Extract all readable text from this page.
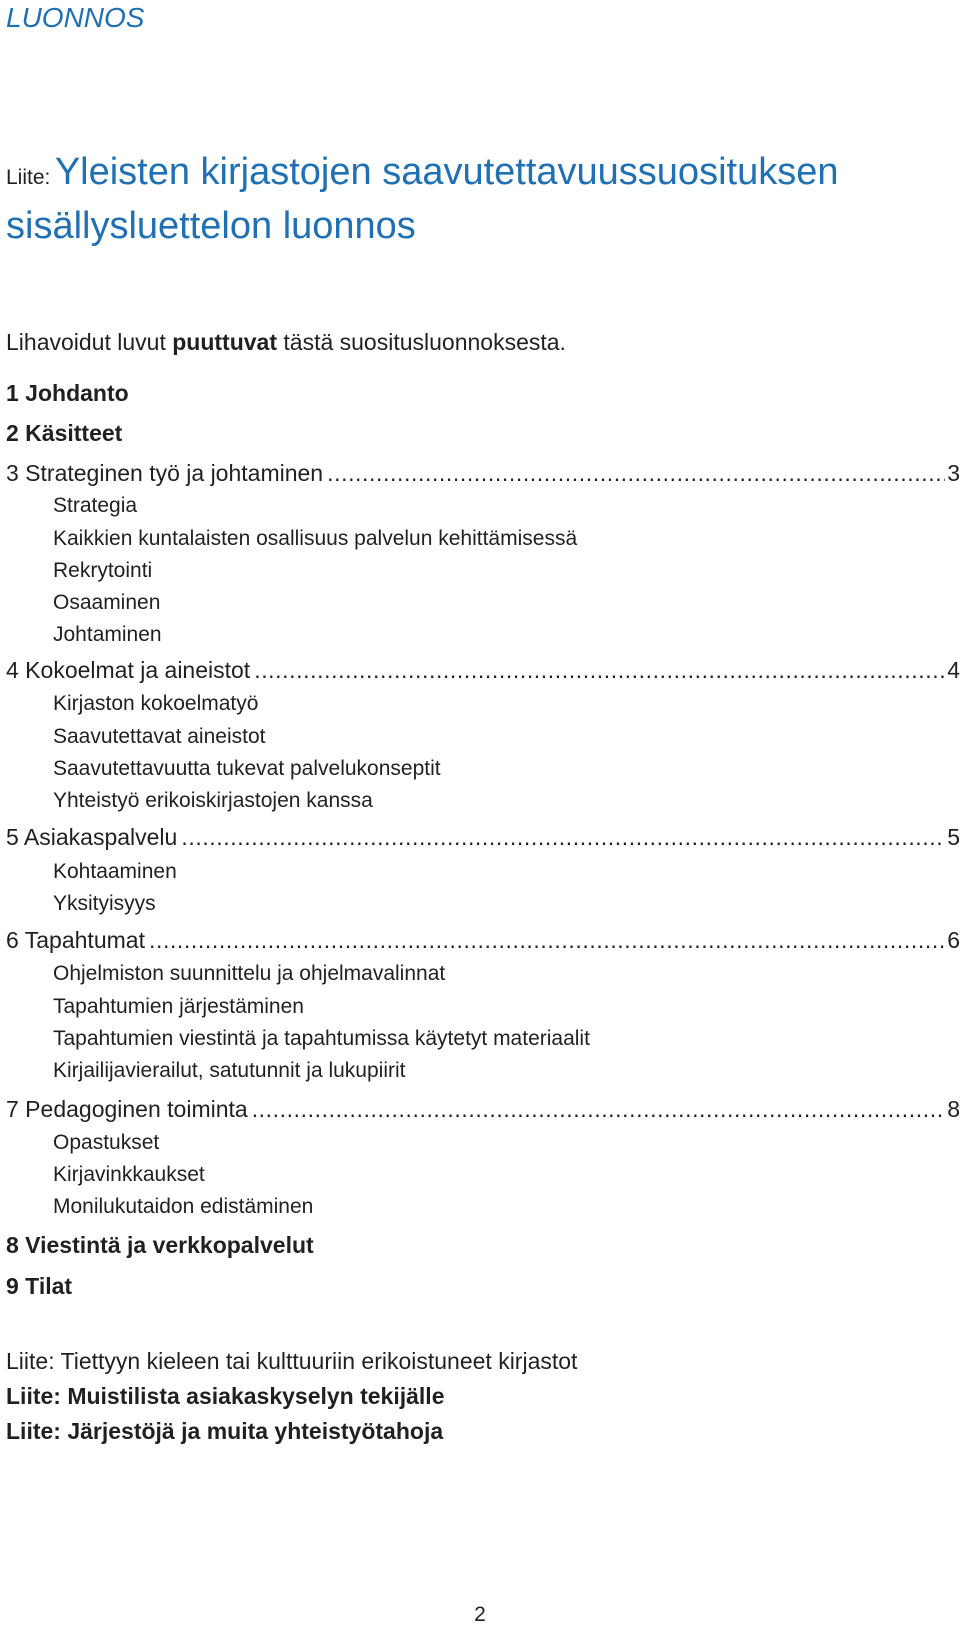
LUONNOS
Liite: Yleisten kirjastojen saavutettavuussuosituksen
sisällysluettelon luonnos
Lihavoidut luvut puuttuvat tästä suositusluonnoksesta.
1 Johdanto
2 Käsitteet
3 Strateginen työ ja johtaminen .....	3
Strategia
Kaikkien kuntalaisten osallisuus palvelun kehittämisessä
Rekrytointi
Osaaminen
Johtaminen
4 Kokoelmat ja aineistot .....	4
Kirjaston kokoelmatyö
Saavutettavat aineistot
Saavutettavuutta tukevat palvelukonseptit
Yhteistyö erikoiskirjastojen kanssa
5 Asiakaspalvelu .....	5
Kohtaaminen
Yksityisyys
6 Tapahtumat .....	6
Ohjelmiston suunnittelu ja ohjelmavalinnat
Tapahtumien järjestäminen
Tapahtumien viestintä ja tapahtumissa käytetyt materiaalit
Kirjailijavierailut, satutunnit ja lukupiirit
7 Pedagoginen toiminta .....	8
Opastukset
Kirjavinkkaukset
Monilukutaidon edistäminen
8 Viestintä ja verkkopalvelut
9 Tilat
Liite: Tiettyyn kieleen tai kulttuuriin erikoistuneet kirjastot
Liite: Muistilista asiakaskyselyn tekijälle
Liite: Järjestöjä ja muita yhteistyötahoja
2
